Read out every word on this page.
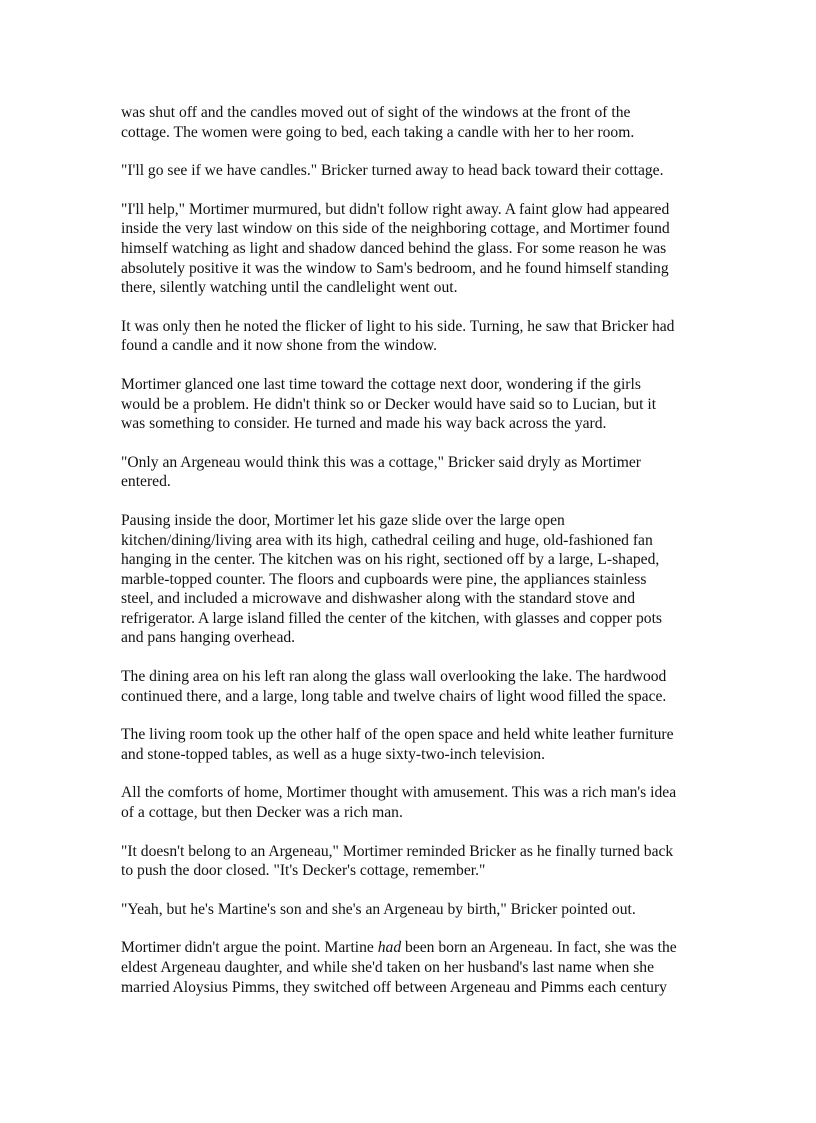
was shut off and the candles moved out of sight of the windows at the front of the
cottage. The women were going to bed, each taking a candle with her to her room.

"I'll go see if we have candles." Bricker turned away to head back toward their cottage.

"I'll help," Mortimer murmured, but didn't follow right away. A faint glow had appeared
inside the very last window on this side of the neighboring cottage, and Mortimer found
himself watching as light and shadow danced behind the glass. For some reason he was
absolutely positive it was the window to Sam's bedroom, and he found himself standing
there, silently watching until the candlelight went out.

It was only then he noted the flicker of light to his side. Turning, he saw that Bricker had
found a candle and it now shone from the window.

Mortimer glanced one last time toward the cottage next door, wondering if the girls
would be a problem. He didn't think so or Decker would have said so to Lucian, but it
was something to consider. He turned and made his way back across the yard.

"Only an Argeneau would think this was a cottage," Bricker said dryly as Mortimer
entered.

Pausing inside the door, Mortimer let his gaze slide over the large open
kitchen/dining/living area with its high, cathedral ceiling and huge, old-fashioned fan
hanging in the center. The kitchen was on his right, sectioned off by a large, L-shaped,
marble-topped counter. The floors and cupboards were pine, the appliances stainless
steel, and included a microwave and dishwasher along with the standard stove and
refrigerator. A large island filled the center of the kitchen, with glasses and copper pots
and pans hanging overhead.

The dining area on his left ran along the glass wall overlooking the lake. The hardwood
continued there, and a large, long table and twelve chairs of light wood filled the space.

The living room took up the other half of the open space and held white leather furniture
and stone-topped tables, as well as a huge sixty-two-inch television.

All the comforts of home, Mortimer thought with amusement. This was a rich man's idea
of a cottage, but then Decker was a rich man.

"It doesn't belong to an Argeneau," Mortimer reminded Bricker as he finally turned back
to push the door closed. "It's Decker's cottage, remember."

"Yeah, but he's Martine's son and she's an Argeneau by birth," Bricker pointed out.

Mortimer didn't argue the point. Martine had been born an Argeneau. In fact, she was the
eldest Argeneau daughter, and while she'd taken on her husband's last name when she
married Aloysius Pimms, they switched off between Argeneau and Pimms each century
